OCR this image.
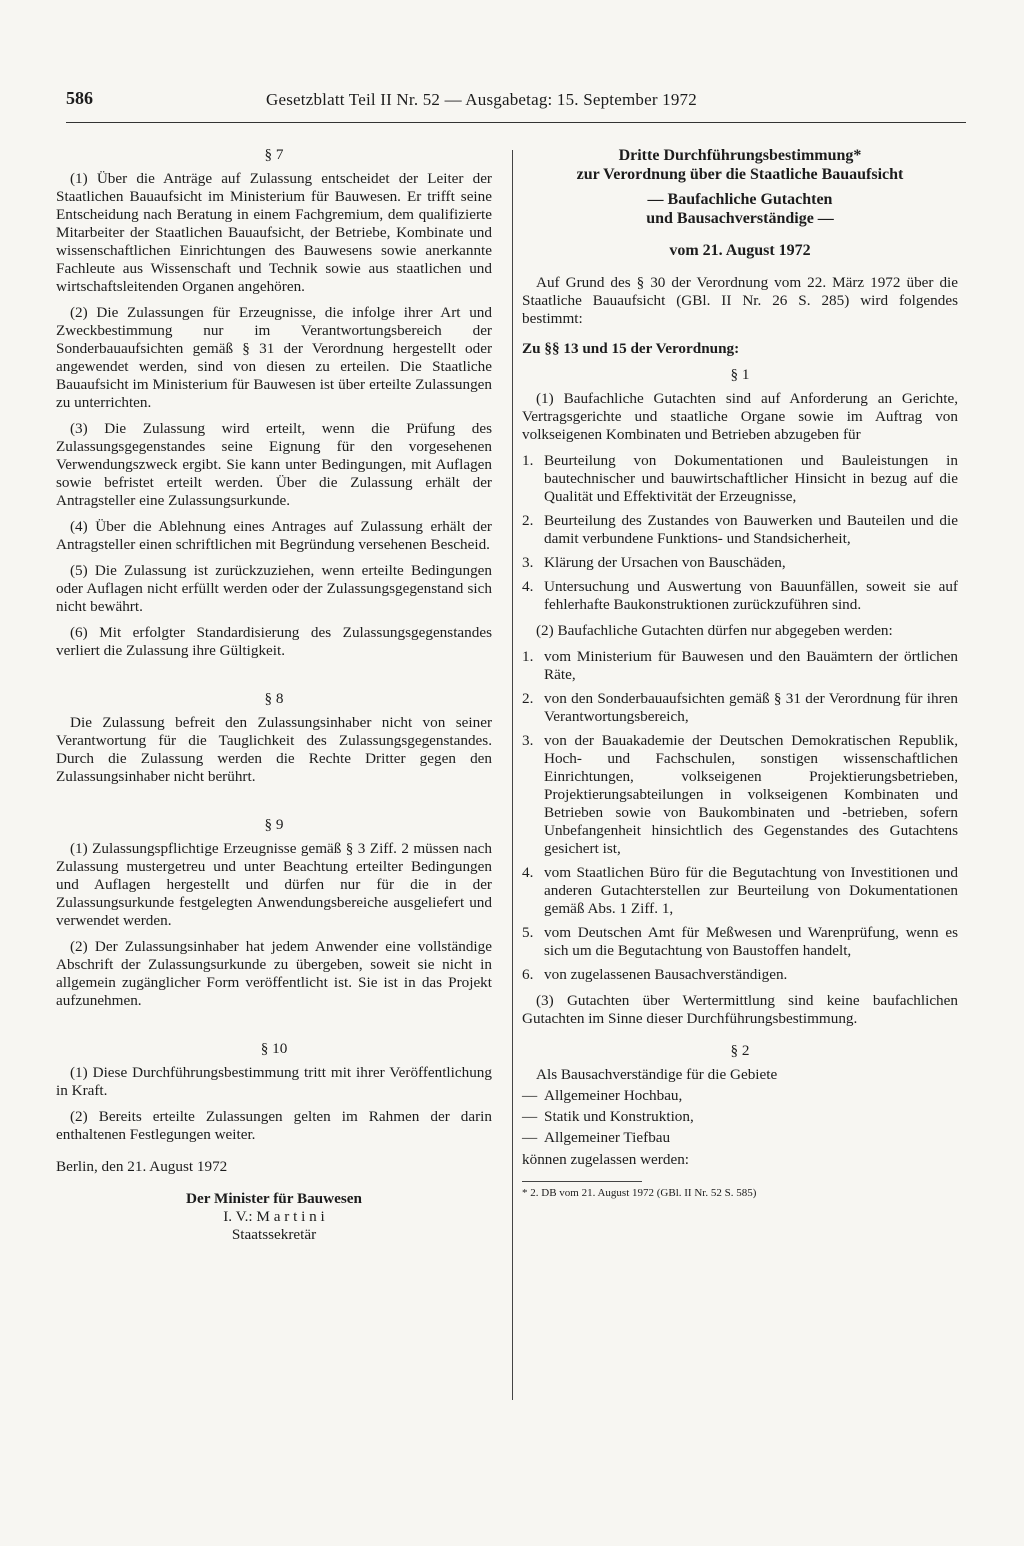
586	Gesetzblatt Teil II Nr. 52 — Ausgabetag: 15. September 1972
§ 7

(1) Über die Anträge auf Zulassung entscheidet der Leiter der Staatlichen Bauaufsicht im Ministerium für Bauwesen. Er trifft seine Entscheidung nach Beratung in einem Fachgremium, dem qualifizierte Mitarbeiter der Staatlichen Bauaufsicht, der Betriebe, Kombinate und wissenschaftlichen Einrichtungen des Bauwesens sowie anerkannte Fachleute aus Wissenschaft und Technik sowie aus staatlichen und wirtschaftsleitenden Organen angehören.

(2) Die Zulassungen für Erzeugnisse, die infolge ihrer Art und Zweckbestimmung nur im Verantwortungsbereich der Sonderbauaufsichten gemäß § 31 der Verordnung hergestellt oder angewendet werden, sind von diesen zu erteilen. Die Staatliche Bauaufsicht im Ministerium für Bauwesen ist über erteilte Zulassungen zu unterrichten.

(3) Die Zulassung wird erteilt, wenn die Prüfung des Zulassungsgegenstandes seine Eignung für den vorgesehenen Verwendungszweck ergibt. Sie kann unter Bedingungen, mit Auflagen sowie befristet erteilt werden. Über die Zulassung erhält der Antragsteller eine Zulassungsurkunde.

(4) Über die Ablehnung eines Antrages auf Zulassung erhält der Antragsteller einen schriftlichen mit Begründung versehenen Bescheid.

(5) Die Zulassung ist zurückzuziehen, wenn erteilte Bedingungen oder Auflagen nicht erfüllt werden oder der Zulassungsgegenstand sich nicht bewährt.

(6) Mit erfolgter Standardisierung des Zulassungsgegenstandes verliert die Zulassung ihre Gültigkeit.

§ 8

Die Zulassung befreit den Zulassungsinhaber nicht von seiner Verantwortung für die Tauglichkeit des Zulassungsgegenstandes. Durch die Zulassung werden die Rechte Dritter gegen den Zulassungsinhaber nicht berührt.

§ 9

(1) Zulassungspflichtige Erzeugnisse gemäß § 3 Ziff. 2 müssen nach Zulassung mustergetreu und unter Beachtung erteilter Bedingungen und Auflagen hergestellt und dürfen nur für die in der Zulassungsurkunde festgelegten Anwendungsbereiche ausgeliefert und verwendet werden.

(2) Der Zulassungsinhaber hat jedem Anwender eine vollständige Abschrift der Zulassungsurkunde zu übergeben, soweit sie nicht in allgemein zugänglicher Form veröffentlicht ist. Sie ist in das Projekt aufzunehmen.

§ 10

(1) Diese Durchführungsbestimmung tritt mit ihrer Veröffentlichung in Kraft.

(2) Bereits erteilte Zulassungen gelten im Rahmen der darin enthaltenen Festlegungen weiter.

Berlin, den 21. August 1972

Der Minister für Bauwesen
I. V.: M a r t i n i
Staatssekretär
Dritte Durchführungsbestimmung*
zur Verordnung über die Staatliche Bauaufsicht
— Baufachliche Gutachten
und Bausachverständige —
vom 21. August 1972

Auf Grund des § 30 der Verordnung vom 22. März 1972 über die Staatliche Bauaufsicht (GBl. II Nr. 26 S. 285) wird folgendes bestimmt:

Zu §§ 13 und 15 der Verordnung:

§ 1

(1) Baufachliche Gutachten sind auf Anforderung an Gerichte, Vertragsgerichte und staatliche Organe sowie im Auftrag von volkseigenen Kombinaten und Betrieben abzugeben für

1. Beurteilung von Dokumentationen und Bauleistungen in bautechnischer und bauwirtschaftlicher Hinsicht in bezug auf die Qualität und Effektivität der Erzeugnisse,
2. Beurteilung des Zustandes von Bauwerken und Bauteilen und die damit verbundene Funktions- und Standsicherheit,
3. Klärung der Ursachen von Bauschäden,
4. Untersuchung und Auswertung von Bauunfällen, soweit sie auf fehlerhafte Baukonstruktionen zurückzuführen sind.

(2) Baufachliche Gutachten dürfen nur abgegeben werden:

1. vom Ministerium für Bauwesen und den Bauämtern der örtlichen Räte,
2. von den Sonderbauaufsichten gemäß § 31 der Verordnung für ihren Verantwortungsbereich,
3. von der Bauakademie der Deutschen Demokratischen Republik, Hoch- und Fachschulen, sonstigen wissenschaftlichen Einrichtungen, volkseigenen Projektierungsbetrieben, Projektierungsabteilungen in volkseigenen Kombinaten und Betrieben sowie von Baukombinaten und -betrieben, sofern Unbefangenheit hinsichtlich des Gegenstandes des Gutachtens gesichert ist,
4. vom Staatlichen Büro für die Begutachtung von Investitionen und anderen Gutachterstellen zur Beurteilung von Dokumentationen gemäß Abs. 1 Ziff. 1,
5. vom Deutschen Amt für Meßwesen und Warenprüfung, wenn es sich um die Begutachtung von Baustoffen handelt,
6. von zugelassenen Bausachverständigen.

(3) Gutachten über Wertermittlung sind keine baufachlichen Gutachten im Sinne dieser Durchführungsbestimmung.

§ 2

Als Bausachverständige für die Gebiete

— Allgemeiner Hochbau,
— Statik und Konstruktion,
— Allgemeiner Tiefbau

können zugelassen werden:

* 2. DB vom 21. August 1972 (GBl. II Nr. 52 S. 585)
